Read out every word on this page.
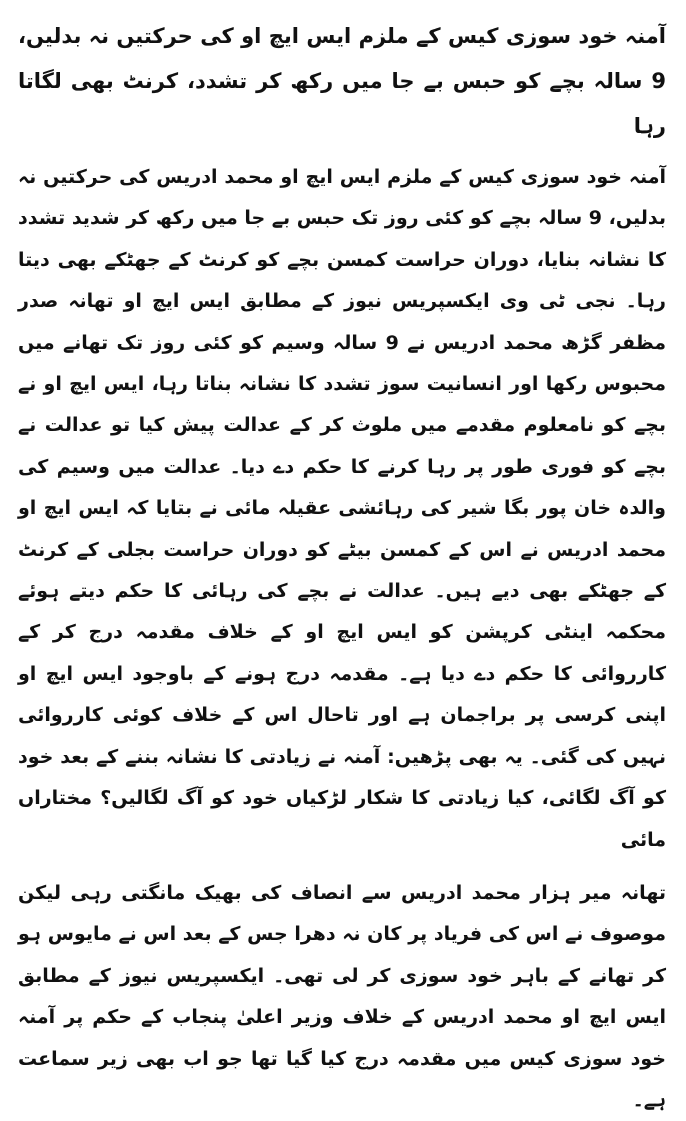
آمنہ خود سوزی کیس کے ملزم ایس ایچ او کی حرکتیں نہ بدلیں، 9 سالہ بچے کو حبس بے جا میں رکھ کر تشدد، کرنٹ بھی لگاتا رہا

آمنہ خود سوزی کیس کے ملزم ایس ایچ او محمد ادریس کی حرکتیں نہ بدلیں، 9 سالہ بچے کو کئی روز تک حبس بے جا میں رکھ کر شدید تشدد کا نشانہ بنایا، دوران حراست کمسن بچے کو کرنٹ کے جھٹکے بھی دیتا رہا۔ نجی ٹی وی ایکسپریس نیوز کے مطابق ایس ایچ او تھانہ صدر مظفر گڑھ محمد ادریس نے 9 سالہ وسیم کو کئی روز تک تھانے میں محبوس رکھا اور انسانیت سوز تشدد کا نشانہ بناتا رہا، ایس ایچ او نے بچے کو نامعلوم مقدمے میں ملوث کر کے عدالت پیش کیا تو عدالت نے بچے کو فوری طور پر رہا کرنے کا حکم دے دیا۔ عدالت میں وسیم کی والدہ خان پور بگا شیر کی رہائشی عقیلہ مائی نے بتایا کہ ایس ایچ او محمد ادریس نے اس کے کمسن بیٹے کو دوران حراست بجلی کے کرنٹ کے جھٹکے بھی دیے ہیں۔ عدالت نے بچے کی رہائی کا حکم دیتے ہوئے محکمہ اینٹی کرپشن کو ایس ایچ او کے خلاف مقدمہ درج کر کے کارروائی کا حکم دے دیا ہے۔ مقدمہ درج ہونے کے باوجود ایس ایچ او اپنی کرسی پر براجمان ہے اور تاحال اس کے خلاف کوئی کارروائی نہیں کی گئی۔ یہ بھی پڑھیں: آمنہ نے زیادتی کا نشانہ بننے کے بعد خود کو آگ لگائی، کیا زیادتی کا شکار لڑکیاں خود کو آگ لگالیں؟ مختاراں مائی

تھانہ میر ہزار محمد ادریس سے انصاف کی بھیک مانگتی رہی لیکن موصوف نے اس کی فریاد پر کان نہ دھرا جس کے بعد اس نے مایوس ہو کر تھانے کے باہر خود سوزی کر لی تھی۔ ایکسپریس نیوز کے مطابق ایس ایچ او محمد ادریس کے خلاف وزیر اعلیٰ پنجاب کے حکم پر آمنہ خود سوزی کیس میں مقدمہ درج کیا گیا تھا جو اب بھی زیر سماعت ہے۔
